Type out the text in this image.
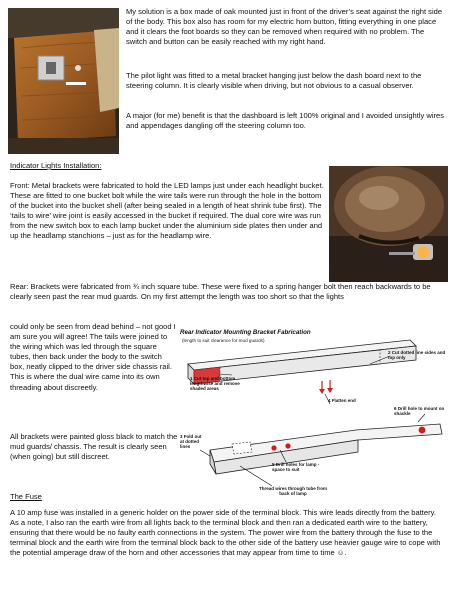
My solution is a box made of oak mounted just in front of the driver’s seat against the right side of the body. This box also has room for my electric horn button, fitting everything in one place and it clears the foot boards so they can be removed when required with no problem. The switch and button can be easily reached with my right hand.

The pilot light was fitted to a metal bracket hanging just below the dash board next to the steering column. It is clearly visible when driving, but not obvious to a casual observer.

A major (for me) benefit is that the dashboard is left 100% original and I avoided unsightly wires and appendages dangling off the steering column too.

Indicator Lights Installation:

Front: Metal brackets were fabricated to hold the LED lamps just under each headlight bucket. These are fitted to one bucket bolt while the wire tails were run through the hole in the bottom of the bucket into the bucket shell (after being sealed in a length of heat shrink tube first). The ‘tails to wire’ wire joint is easily accessed in the bucket if required. The dual core wire was run from the new switch box to each lamp bucket under the aluminium side plates then under and up the headlamp stanchions – just as for the headlamp wire.

Rear: Brackets were fabricated from ¾ inch square tube. These were fixed to a spring hanger bolt then reach backwards to be clearly seen past the rear mud guards. On my first attempt the length was too short so that the lights

could only be seen from dead behind – not good I am sure you will agree! The tails were joined to the wiring which was led through the square tubes, then back under the body to the switch box, neatly clipped to the driver side chassis rail. This is where the dual wire came into its own threading about discreetly.

All brackets were painted gloss black to match the mud guards/ chassis. The result is clearly seen (when going) but still discreet.

The Fuse

A 10 amp fuse was installed in a generic holder on the power side of the terminal block. This wire leads directly from the battery. As a note, I also ran the earth wire from all lights back to the terminal block and then ran a dedicated earth wire to the battery, ensuring that there would be no faulty earth connections in the system. The power wire from the battery through the fuse to the terminal block and the earth wire from the terminal block back to the other side of the battery use heavier gauge wire to cope with the potential amperage draw of the horn and other accessories that may appear from time to time ☺.

Rear Indicator Mounting Bracket Fabrication
(length to suit clearance for mud guards)
1 Cut top and bottom lengthwise and remove shaded areas
2 Cut dotted line sides and top only
4 Flatten end
6 Drill hole to mount on shackle
3 Fold out at dotted lines
5 Drill holes for lamp - space to suit
Thread wires through tube from back of lamp
